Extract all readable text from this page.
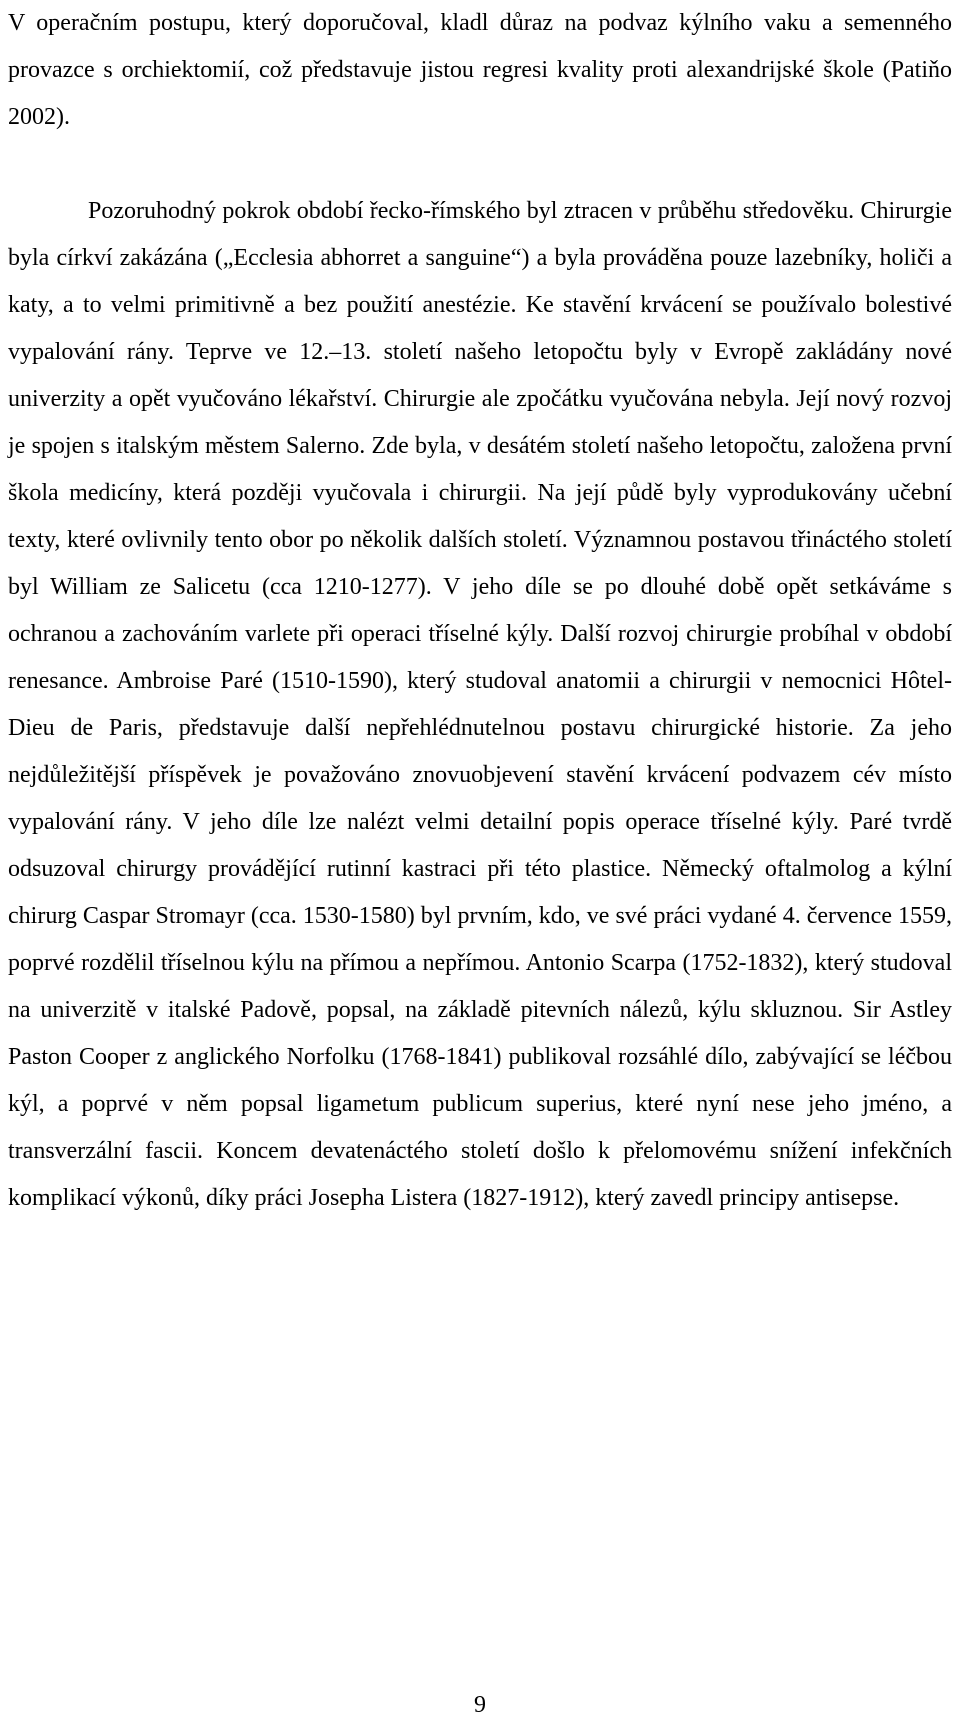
V operačním postupu, který doporučoval, kladl důraz na podvaz kýlního vaku a semenného provazce s orchiektomií, což představuje jistou regresi kvality proti alexandrijské škole (Patiňo 2002).

Pozoruhodný pokrok období řecko-římského byl ztracen v průběhu středověku. Chirurgie byla církví zakázána („Ecclesia abhorret a sanguine“) a byla prováděna pouze lazebníky, holiči a katy, a to velmi primitivně a bez použití anestézie. Ke stavění krvácení se používalo bolestivé vypalování rány. Teprve ve 12.–13. století našeho letopočtu byly v Evropě zakládány nové univerzity a opět vyučováno lékařství. Chirurgie ale zpočátku vyučována nebyla. Její nový rozvoj je spojen s italským městem Salerno. Zde byla, v desátém století našeho letopočtu, založena první škola medicíny, která později vyučovala i chirurgii. Na její půdě byly vyprodukovány učební texty, které ovlivnily tento obor po několik dalších století. Významnou postavou třináctého století byl William ze Salicetu (cca 1210-1277). V jeho díle se po dlouhé době opět setkáváme s ochranou a zachováním varlete při operaci tříselné kýly. Další rozvoj chirurgie probíhal v období renesance. Ambroise Paré (1510-1590), který studoval anatomii a chirurgii v nemocnici Hôtel-Dieu de Paris, představuje další nepřehlédnutelnou postavu chirurgické historie. Za jeho nejdůležitější příspěvek je považováno znovuobjevení stavění krvácení podvazem cév místo vypalování rány. V jeho díle lze nalézt velmi detailní popis operace tříselné kýly. Paré tvrdě odsuzoval chirurgy provádějící rutinní kastraci při této plastice. Německý oftalmolog a kýlní chirurg Caspar Stromayr (cca. 1530-1580) byl prvním, kdo, ve své práci vydané 4. července 1559, poprvé rozdělil tříselnou kýlu na přímou a nepřímou. Antonio Scarpa (1752-1832), který studoval na univerzitě v italské Padově, popsal, na základě pitevních nálezů, kýlu skluznou. Sir Astley Paston Cooper z anglického Norfolku (1768-1841) publikoval rozsáhlé dílo, zabývající se léčbou kýl, a poprvé v něm popsal ligametum publicum superius, které nyní nese jeho jméno, a transverzální fascii. Koncem devatenáctého století došlo k přelomovému snížení infekčních komplikací výkonů, díky práci Josepha Listera (1827-1912), který zavedl principy antisepse.

9
